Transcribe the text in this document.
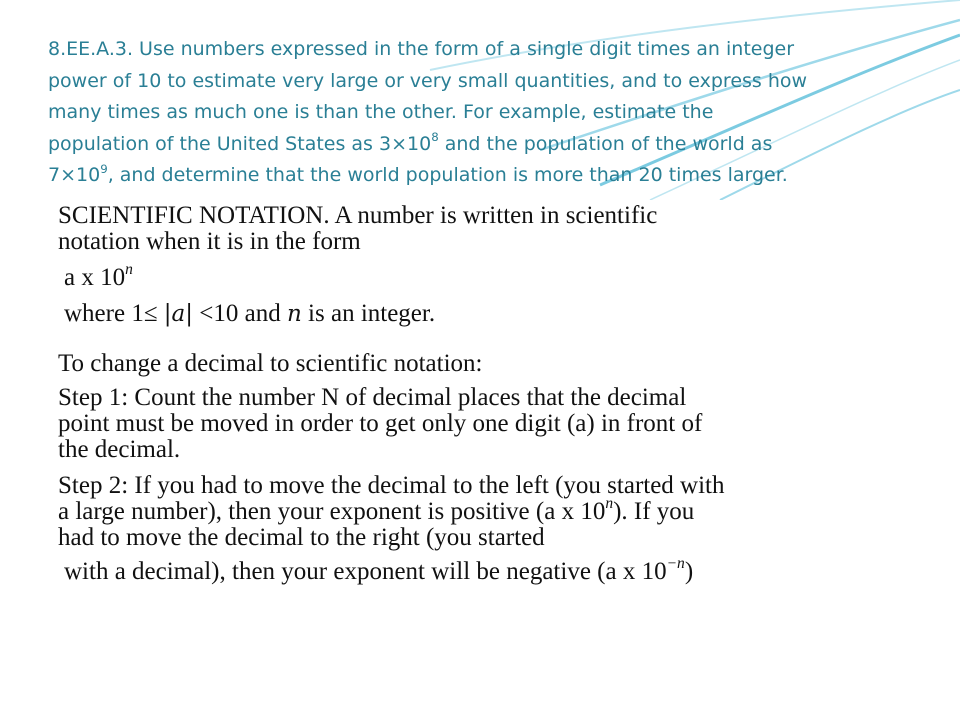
8.EE.A.3. Use numbers expressed in the form of a single digit times an integer
power of 10 to estimate very large or very small quantities, and to express how
many times as much one is than the other. For example, estimate the
population of the United States as $3\times 10^8$ and the population of the world as
$7\times 10^9$, and determine that the world population is more than 20 times larger.

SCIENTIFIC NOTATION. A number is written in scientific
notation when it is in the form

a x 10$^n$

where 1≤ |a| <10 and n is an integer.

To change a decimal to scientific notation:

Step 1: Count the number N of decimal places that the decimal
point must be moved in order to get only one digit (a) in front of
the decimal.

Step 2: If you had to move the decimal to the left (you started with
a large number), then your exponent is positive (a x 10$^n$). If you
had to move the decimal to the right (you started
with a decimal), then your exponent will be negative (a x $10^{-n}$)
